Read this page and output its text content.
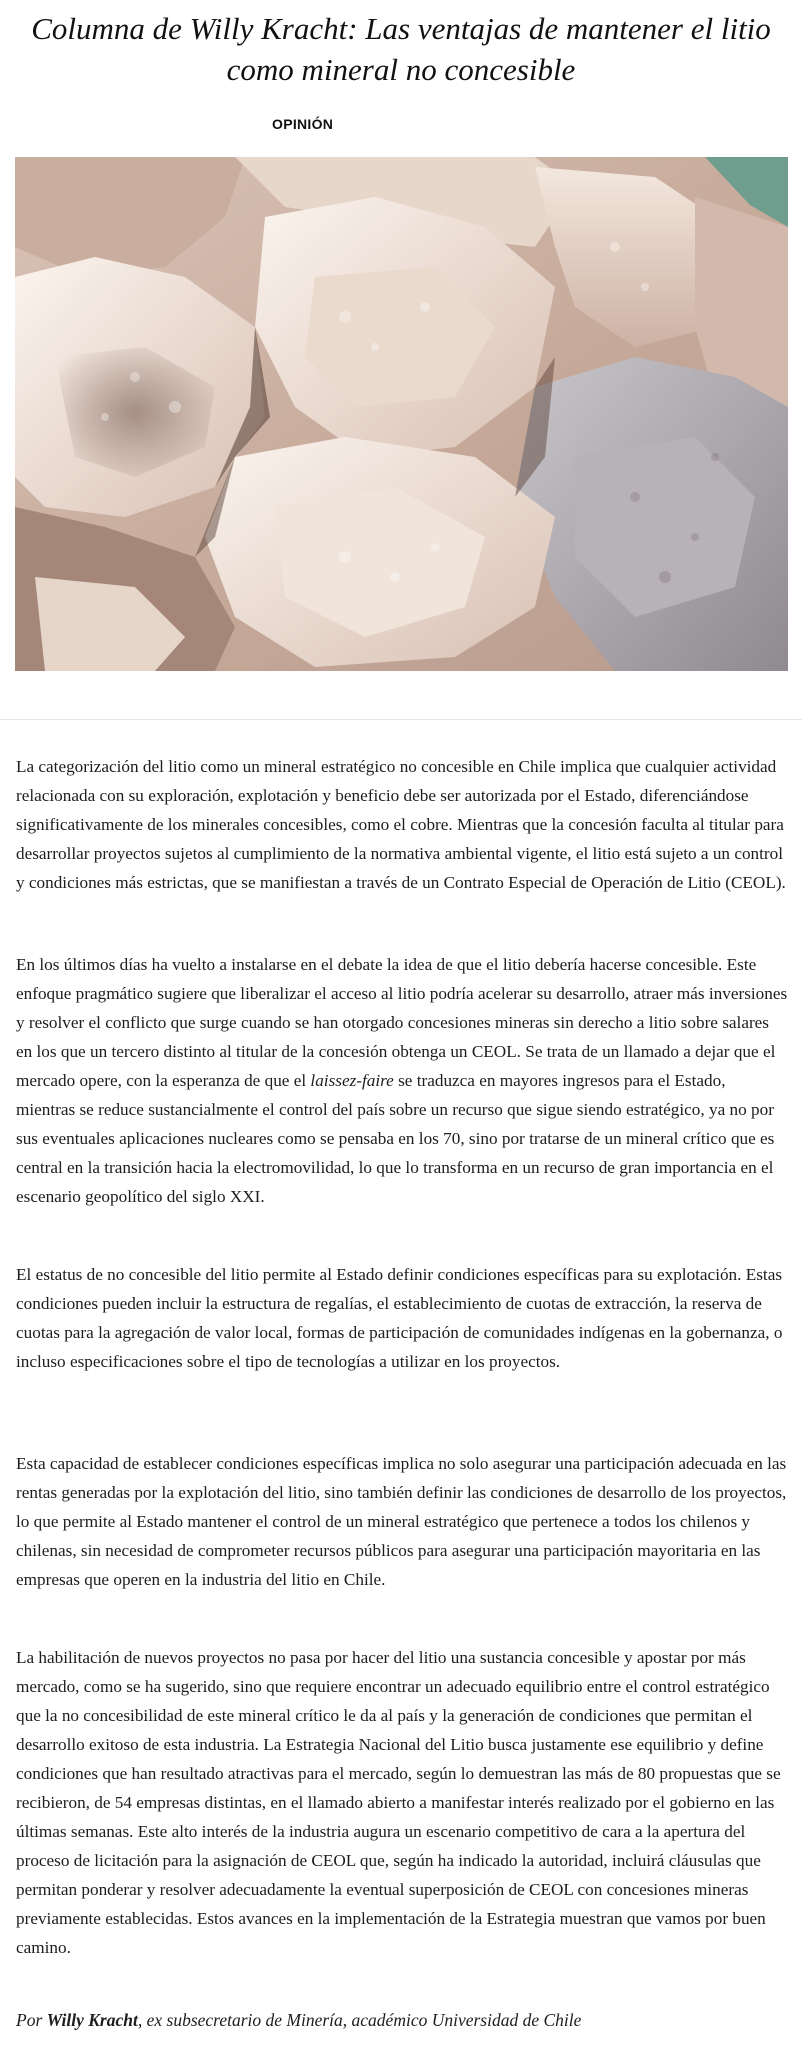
Columna de Willy Kracht: Las ventajas de mantener el litio como mineral no concesible
OPINIÓN

La categorización del litio como un mineral estratégico no concesible en Chile implica que cualquier actividad relacionada con su exploración, explotación y beneficio debe ser autorizada por el Estado, diferenciándose significativamente de los minerales concesibles, como el cobre. Mientras que la concesión faculta al titular para desarrollar proyectos sujetos al cumplimiento de la normativa ambiental vigente, el litio está sujeto a un control y condiciones más estrictas, que se manifiestan a través de un Contrato Especial de Operación de Litio (CEOL).

En los últimos días ha vuelto a instalarse en el debate la idea de que el litio debería hacerse concesible. Este enfoque pragmático sugiere que liberalizar el acceso al litio podría acelerar su desarrollo, atraer más inversiones y resolver el conflicto que surge cuando se han otorgado concesiones mineras sin derecho a litio sobre salares en los que un tercero distinto al titular de la concesión obtenga un CEOL. Se trata de un llamado a dejar que el mercado opere, con la esperanza de que el laissez-faire se traduzca en mayores ingresos para el Estado, mientras se reduce sustancialmente el control del país sobre un recurso que sigue siendo estratégico, ya no por sus eventuales aplicaciones nucleares como se pensaba en los 70, sino por tratarse de un mineral crítico que es central en la transición hacia la electromovilidad, lo que lo transforma en un recurso de gran importancia en el escenario geopolítico del siglo XXI.

El estatus de no concesible del litio permite al Estado definir condiciones específicas para su explotación. Estas condiciones pueden incluir la estructura de regalías, el establecimiento de cuotas de extracción, la reserva de cuotas para la agregación de valor local, formas de participación de comunidades indígenas en la gobernanza, o incluso especificaciones sobre el tipo de tecnologías a utilizar en los proyectos.

Esta capacidad de establecer condiciones específicas implica no solo asegurar una participación adecuada en las rentas generadas por la explotación del litio, sino también definir las condiciones de desarrollo de los proyectos, lo que permite al Estado mantener el control de un mineral estratégico que pertenece a todos los chilenos y chilenas, sin necesidad de comprometer recursos públicos para asegurar una participación mayoritaria en las empresas que operen en la industria del litio en Chile.

La habilitación de nuevos proyectos no pasa por hacer del litio una sustancia concesible y apostar por más mercado, como se ha sugerido, sino que requiere encontrar un adecuado equilibrio entre el control estratégico que la no concesibilidad de este mineral crítico le da al país y la generación de condiciones que permitan el desarrollo exitoso de esta industria. La Estrategia Nacional del Litio busca justamente ese equilibrio y define condiciones que han resultado atractivas para el mercado, según lo demuestran las más de 80 propuestas que se recibieron, de 54 empresas distintas, en el llamado abierto a manifestar interés realizado por el gobierno en las últimas semanas. Este alto interés de la industria augura un escenario competitivo de cara a la apertura del proceso de licitación para la asignación de CEOL que, según ha indicado la autoridad, incluirá cláusulas que permitan ponderar y resolver adecuadamente la eventual superposición de CEOL con concesiones mineras previamente establecidas. Estos avances en la implementación de la Estrategia muestran que vamos por buen camino.

Por Willy Kracht, ex subsecretario de Minería, académico Universidad de Chile
